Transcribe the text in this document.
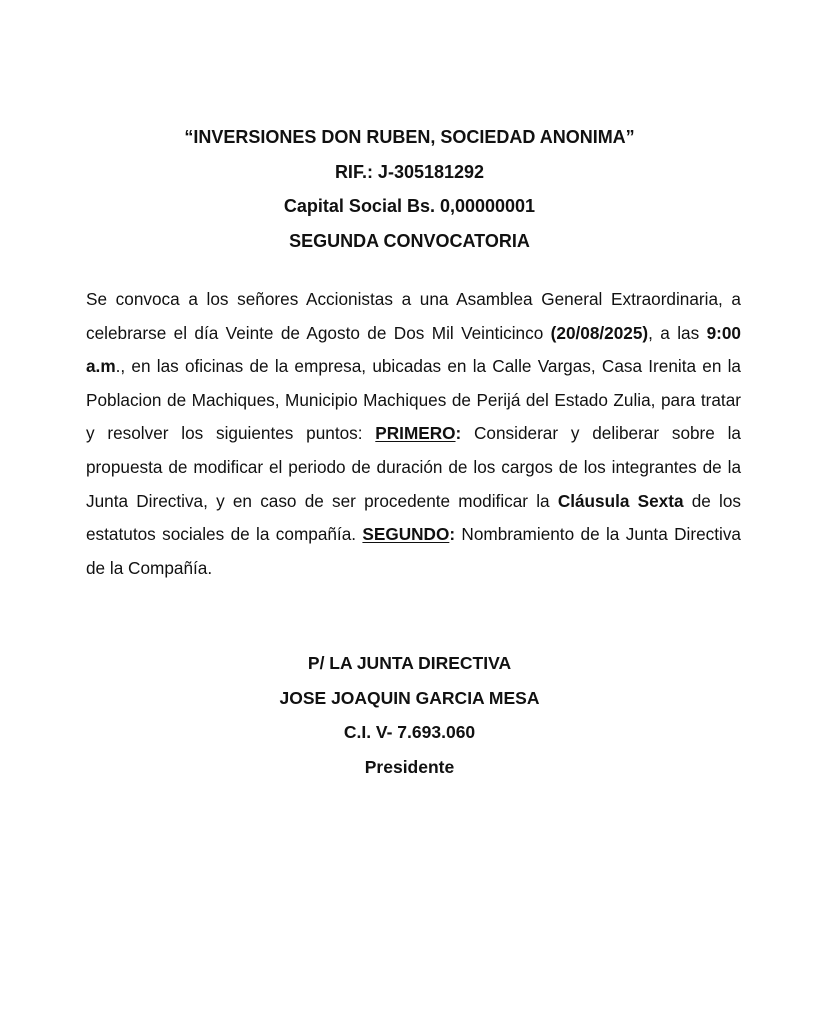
“INVERSIONES DON RUBEN, SOCIEDAD ANONIMA”
RIF.: J-305181292
Capital Social Bs. 0,00000001
SEGUNDA CONVOCATORIA
Se convoca a los señores Accionistas a una Asamblea General Extraordinaria, a celebrarse el día Veinte de Agosto de Dos Mil Veinticinco (20/08/2025), a las 9:00 a.m., en las oficinas de la empresa, ubicadas en la Calle Vargas, Casa Irenita en la Poblacion de Machiques, Municipio Machiques de Perijá del Estado Zulia, para tratar y resolver los siguientes puntos: PRIMERO: Considerar y deliberar sobre la propuesta de modificar el periodo de duración de los cargos de los integrantes de la Junta Directiva, y en caso de ser procedente modificar la Cláusula Sexta de los estatutos sociales de la compañía. SEGUNDO: Nombramiento de la Junta Directiva de la Compañía.
P/ LA JUNTA DIRECTIVA
JOSE JOAQUIN GARCIA MESA
C.I. V- 7.693.060
Presidente
